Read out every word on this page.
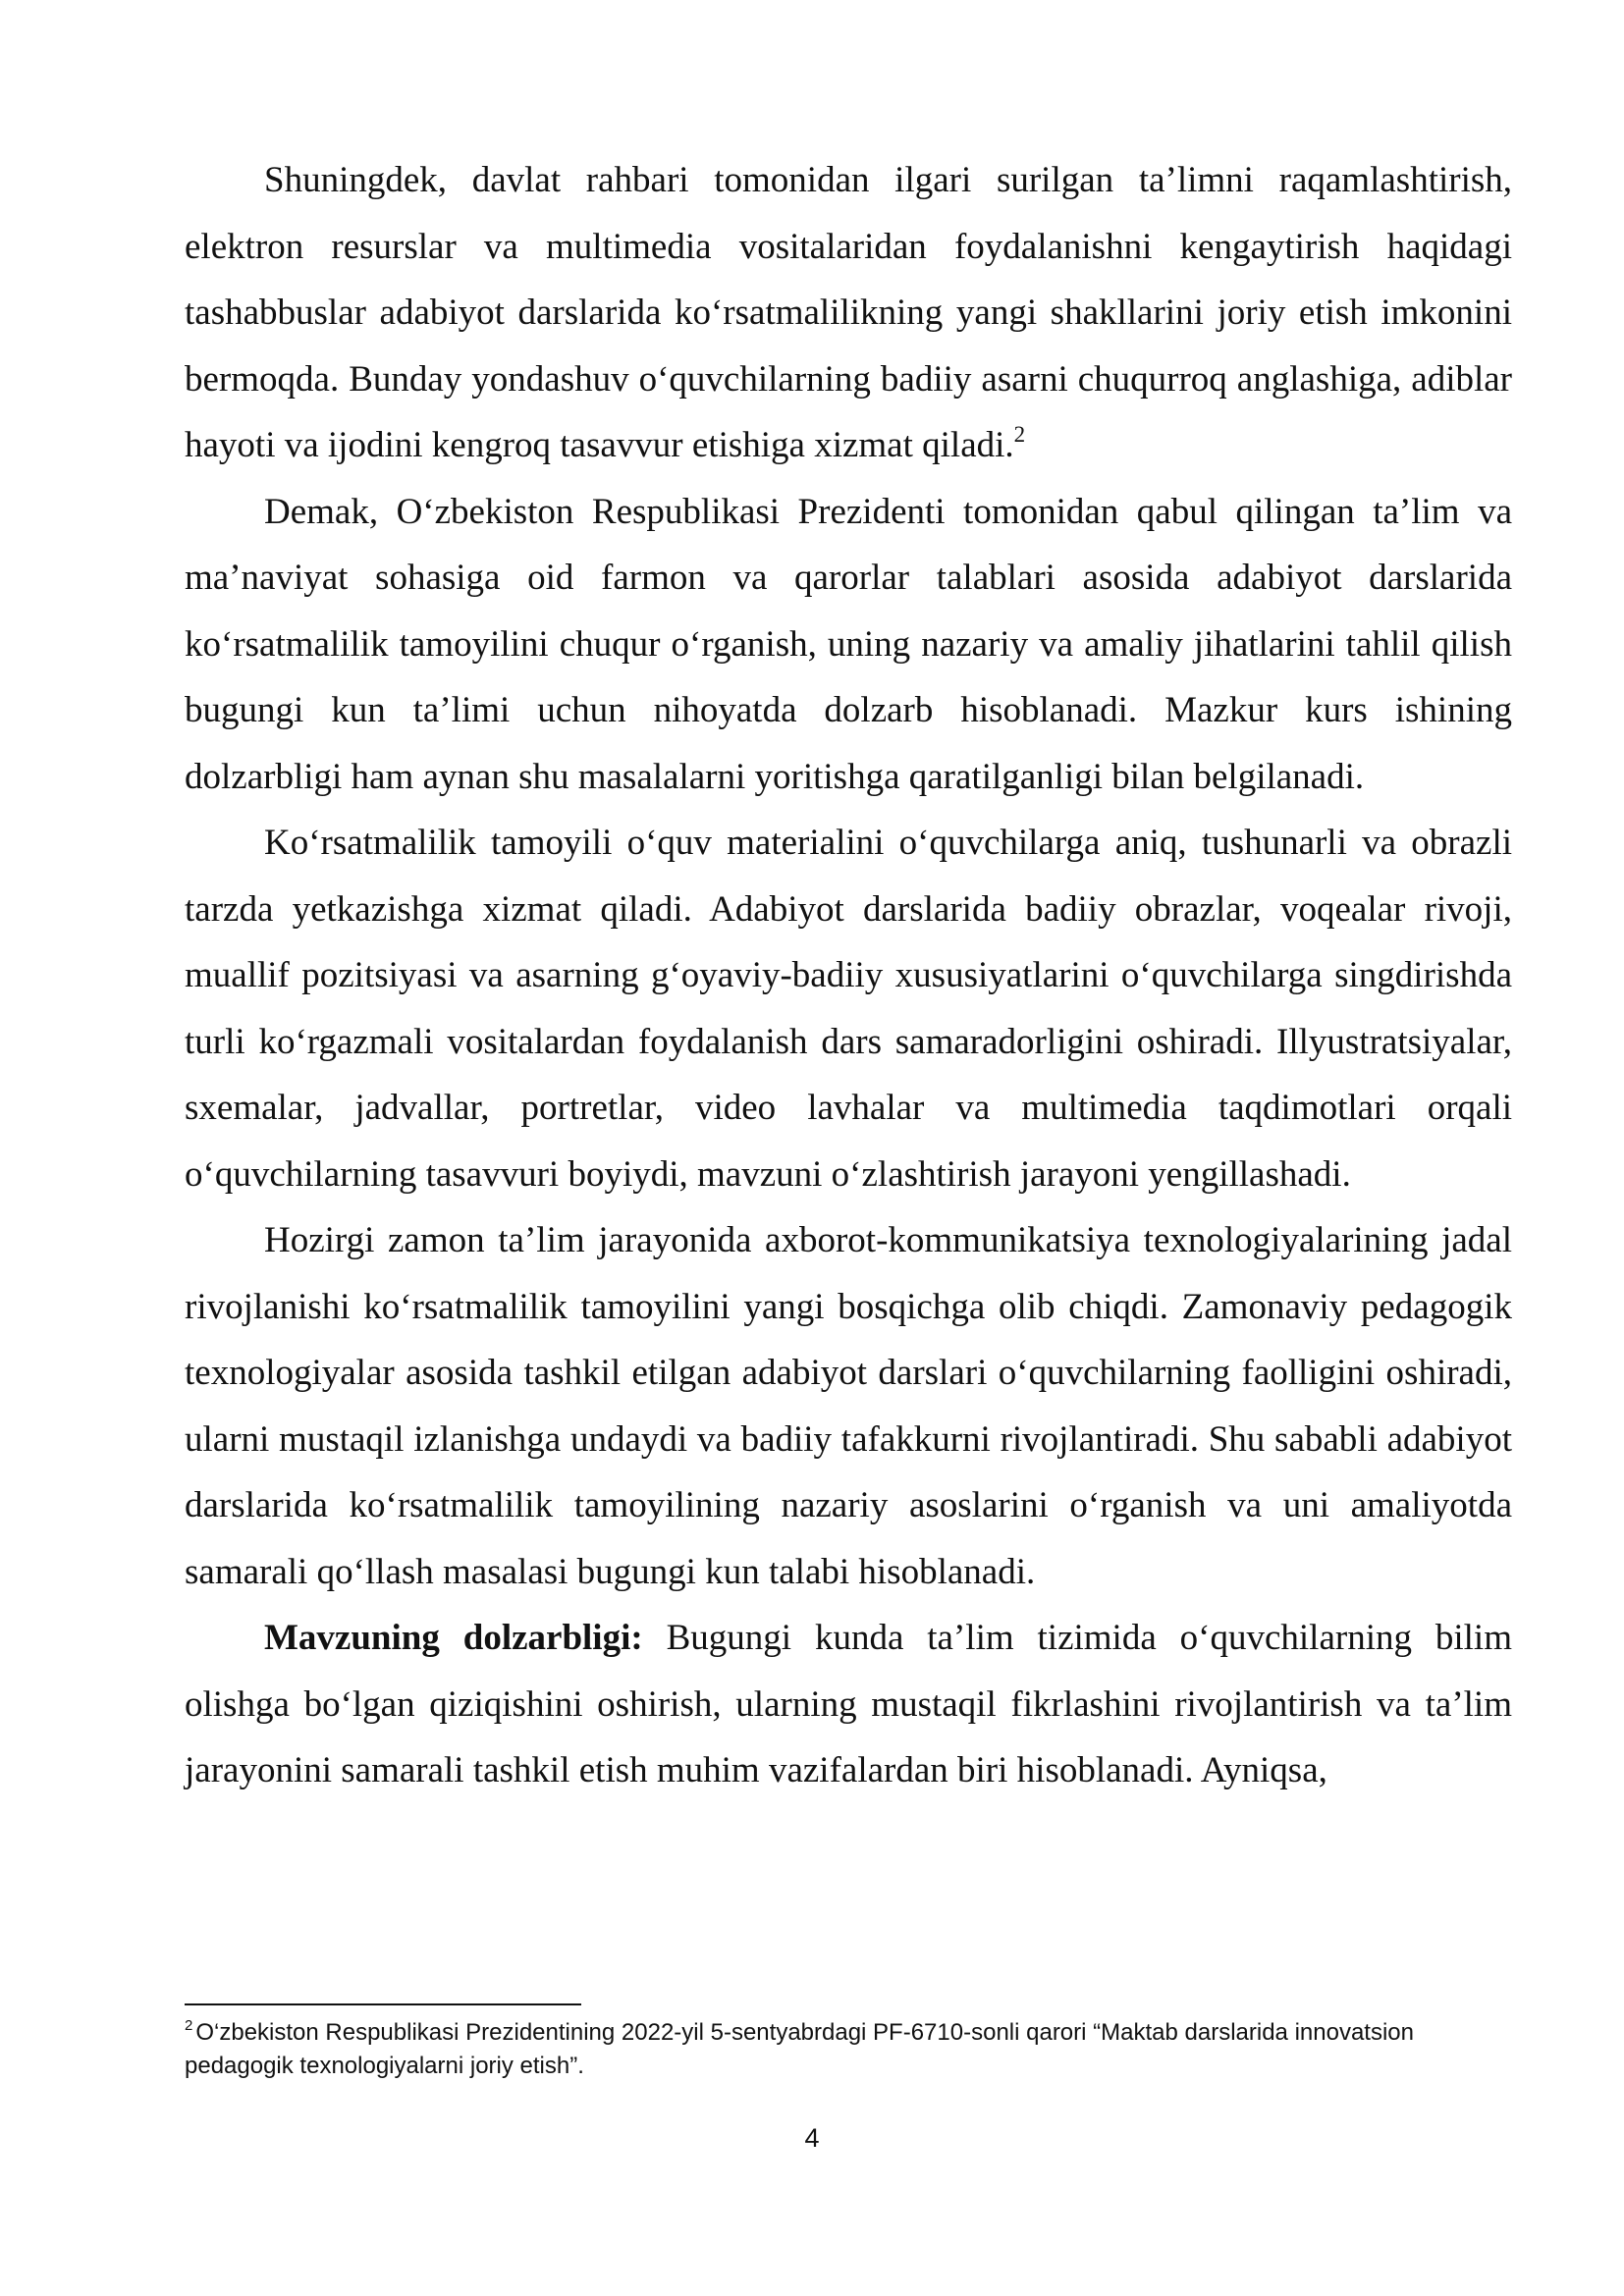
Shuningdek, davlat rahbari tomonidan ilgari surilgan ta’limni raqamlashtirish, elektron resurslar va multimedia vositalaridan foydalanishni kengaytirish haqidagi tashabbuslar adabiyot darslarida ko‘rsatmalilikning yangi shakllarini joriy etish imkonini bermoqda. Bunday yondashuv o‘quvchilarning badiiy asarni chuqurroq anglashiga, adiblar hayoti va ijodini kengroq tasavvur etishiga xizmat qiladi.$^2$

Demak, O‘zbekiston Respublikasi Prezidenti tomonidan qabul qilingan ta’lim va ma’naviyat sohasiga oid farmon va qarorlar talablari asosida adabiyot darslarida ko‘rsatmalilik tamoyilini chuqur o‘rganish, uning nazariy va amaliy jihatlarini tahlil qilish bugungi kun ta’limi uchun nihoyatda dolzarb hisoblanadi. Mazkur kurs ishining dolzarbligi ham aynan shu masalalarni yoritishga qaratilganligi bilan belgilanadi.

Ko‘rsatmalilik tamoyili o‘quv materialini o‘quvchilarga aniq, tushunarli va obrazli tarzda yetkazishga xizmat qiladi. Adabiyot darslarida badiiy obrazlar, voqealar rivoji, muallif pozitsiyasi va asarning g‘oyaviy-badiiy xususiyatlarini o‘quvchilarga singdirishda turli ko‘rgazmali vositalardan foydalanish dars samaradorligini oshiradi. Illyustratsiyalar, sxemalar, jadvallar, portretlar, video lavhalar va multimedia taqdimotlari orqali o‘quvchilarning tasavvuri boyiydi, mavzuni o‘zlashtirish jarayoni yengillashadi.

Hozirgi zamon ta’lim jarayonida axborot-kommunikatsiya texnologiyalarining jadal rivojlanishi ko‘rsatmalilik tamoyilini yangi bosqichga olib chiqdi. Zamonaviy pedagogik texnologiyalar asosida tashkil etilgan adabiyot darslari o‘quvchilarning faolligini oshiradi, ularni mustaqil izlanishga undaydi va badiiy tafakkurni rivojlantiradi. Shu sababli adabiyot darslarida ko‘rsatmalilik tamoyilining nazariy asoslarini o‘rganish va uni amaliyotda samarali qo‘llash masalasi bugungi kun talabi hisoblanadi.

Mavzuning dolzarbligi: Bugungi kunda ta’lim tizimida o‘quvchilarning bilim olishga bo‘lgan qiziqishini oshirish, ularning mustaqil fikrlashini rivojlantirish va ta’lim jarayonini samarali tashkil etish muhim vazifalardan biri hisoblanadi. Ayniqsa,

$^2$ O‘zbekiston Respublikasi Prezidentining 2022-yil 5-sentyabrdagi PF-6710-sonli qarori “Maktab darslarida innovatsion pedagogik texnologiyalarni joriy etish”.
4
